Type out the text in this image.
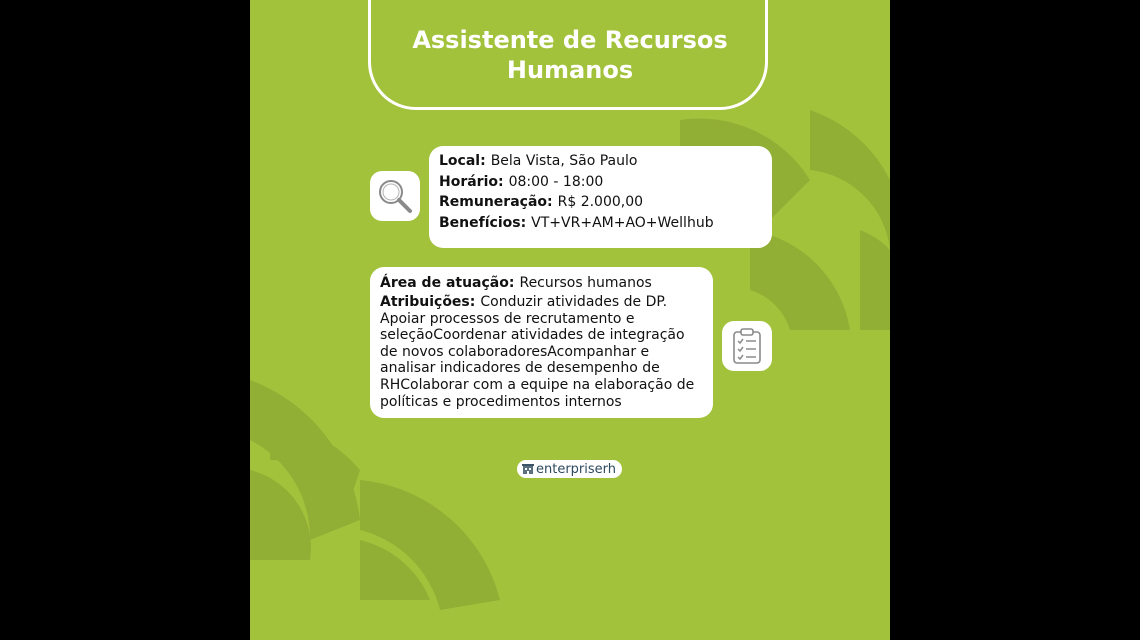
Assistente de Recursos Humanos
Local: Bela Vista, São Paulo
Horário: 08:00 - 18:00
Remuneração: R$ 2.000,00
Benefícios: VT+VR+AM+AO+Wellhub
Área de atuação: Recursos humanos
Atribuições: Conduzir atividades de DP. Apoiar processos de recrutamento e seleçãoCoordenar atividades de integração de novos colaboradoresAcompanhar e analisar indicadores de desempenho de RHColaborar com a equipe na elaboração de políticas e procedimentos internos
enterpriserh
